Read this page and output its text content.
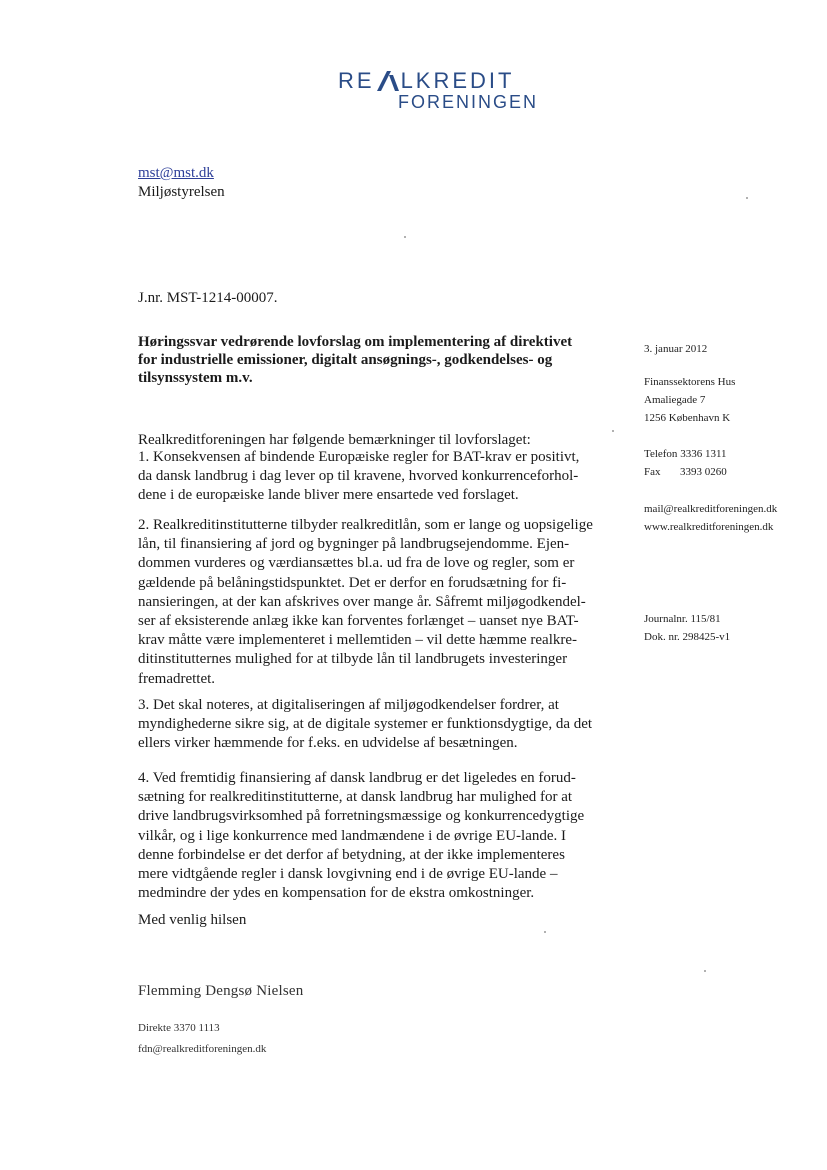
RE LKREDIT
FORENINGEN
mst@mst.dk
Miljøstyrelsen
J.nr. MST-1214-00007.
Høringssvar vedrørende lovforslag om implementering af direktivet
for industrielle emissioner, digitalt ansøgnings-, godkendelses- og
tilsynssystem m.v.
Realkreditforeningen har følgende bemærkninger til lovforslaget:
1. Konsekvensen af bindende Europæiske regler for BAT-krav er positivt,
da dansk landbrug i dag lever op til kravene, hvorved konkurrenceforhol-
dene i de europæiske lande bliver mere ensartede ved forslaget.
2. Realkreditinstitutterne tilbyder realkreditlån, som er lange og uopsigelige
lån, til finansiering af jord og bygninger på landbrugsejendomme. Ejen-
dommen vurderes og værdiansættes bl.a. ud fra de love og regler, som er
gældende på belåningstidspunktet. Det er derfor en forudsætning for fi-
nansieringen, at der kan afskrives over mange år. Såfremt miljøgodkendel-
ser af eksisterende anlæg ikke kan forventes forlænget – uanset nye BAT-
krav måtte være implementeret i mellemtiden – vil dette hæmme realkre-
ditinstitutternes mulighed for at tilbyde lån til landbrugets investeringer
fremadrettet.
3. Det skal noteres, at digitaliseringen af miljøgodkendelser fordrer, at
myndighederne sikre sig, at de digitale systemer er funktionsdygtige, da det
ellers virker hæmmende for f.eks. en udvidelse af besætningen.
4. Ved fremtidig finansiering af dansk landbrug er det ligeledes en forud-
sætning for realkreditinstitutterne, at dansk landbrug har mulighed for at
drive landbrugsvirksomhed på forretningsmæssige og konkurrencedygtige
vilkår, og i lige konkurrence med landmændene i de øvrige EU-lande. I
denne forbindelse er det derfor af betydning, at der ikke implementeres
mere vidtgående regler i dansk lovgivning end i de øvrige EU-lande –
medmindre der ydes en kompensation for de ekstra omkostninger.
Med venlig hilsen
Flemming Dengsø Nielsen
Direkte 3370 1113
fdn@realkreditforeningen.dk
3. januar 2012
Finanssektorens Hus
Amaliegade 7
1256 København K
Telefon 3336 1311
Fax 3393 0260
mail@realkreditforeningen.dk
www.realkreditforeningen.dk
Journalnr. 115/81
Dok. nr. 298425-v1
